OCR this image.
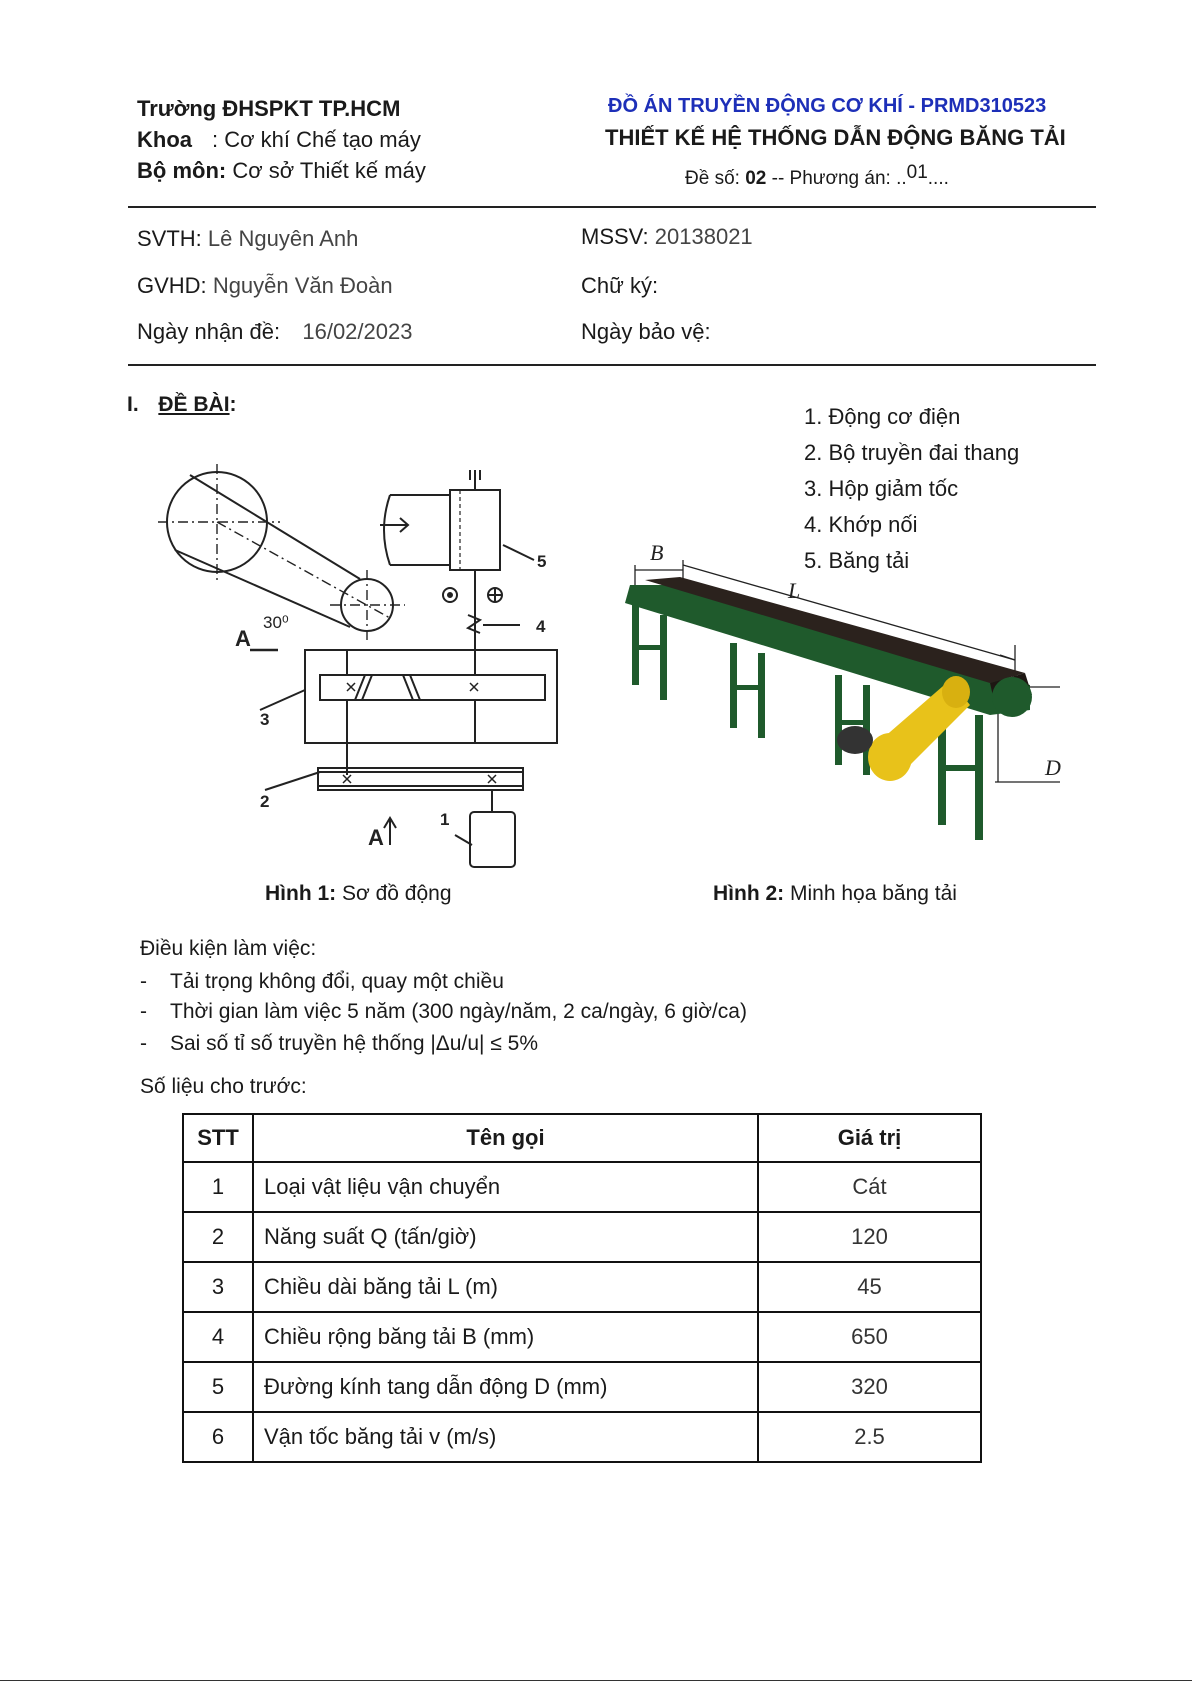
Trường ĐHSPKT TP.HCM
Khoa : Cơ khí Chế tạo máy
Bộ môn: Cơ sở Thiết kế máy
ĐỒ ÁN TRUYỀN ĐỘNG CƠ KHÍ - PRMD310523
THIẾT KẾ HỆ THỐNG DẪN ĐỘNG BĂNG TẢI
Đề số: 02 -- Phương án: ..01....
SVTH: Lê Nguyên Anh	MSSV: 20138021
GVHD: Nguyễn Văn Đoàn	Chữ ký:
Ngày nhận đề: 16/02/2023	Ngày bảo vệ:
I. ĐỀ BÀI:	1. Động cơ điện
2. Bộ truyền đai thang
3. Hộp giảm tốc
4. Khớp nối
5. Băng tải
30⁰
A
A
1
2
3
4
5
Hình 1: Sơ đồ động
B
L
D
Hình 2: Minh họa băng tải
Điều kiện làm việc:
- Tải trọng không đổi, quay một chiều
- Thời gian làm việc 5 năm (300 ngày/năm, 2 ca/ngày, 6 giờ/ca)
- Sai số tỉ số truyền hệ thống |Δu/u| ≤ 5%
Số liệu cho trước:
STT	Tên gọi	Giá trị
1	Loại vật liệu vận chuyển	Cát
2	Năng suất Q (tấn/giờ)	120
3	Chiều dài băng tải L (m)	45
4	Chiều rộng băng tải B (mm)	650
5	Đường kính tang dẫn động D (mm)	320
6	Vận tốc băng tải v (m/s)	2.5
